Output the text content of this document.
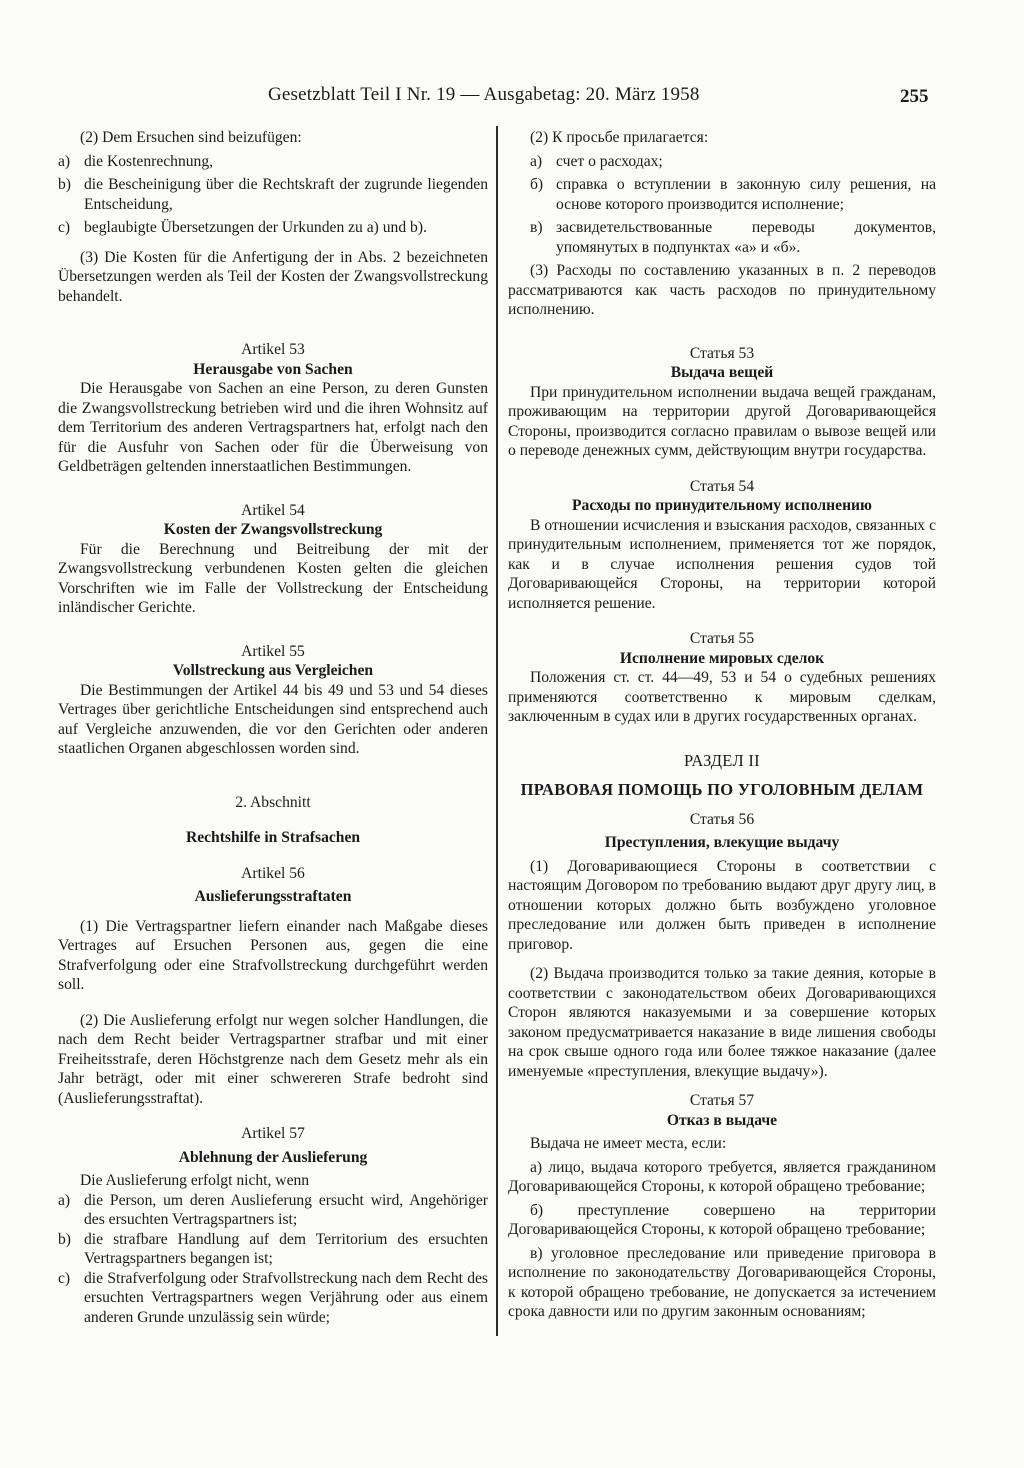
Gesetzblatt Teil I Nr. 19 — Ausgabetag: 20. März 1958	255

(2) Dem Ersuchen sind beizufügen:

a) die Kostenrechnung,
b) die Bescheinigung über die Rechtskraft der zugrunde liegenden Entscheidung,
c) beglaubigte Übersetzungen der Urkunden zu a) und b).

(3) Die Kosten für die Anfertigung der in Abs. 2 bezeichneten Übersetzungen werden als Teil der Kosten der Zwangsvollstreckung behandelt.

Artikel 53

Herausgabe von Sachen

Die Herausgabe von Sachen an eine Person, zu deren Gunsten die Zwangsvollstreckung betrieben wird und die ihren Wohnsitz auf dem Territorium des anderen Vertragspartners hat, erfolgt nach den für die Ausfuhr von Sachen oder für die Überweisung von Geldbeträgen geltenden innerstaatlichen Bestimmungen.

Artikel 54

Kosten der Zwangsvollstreckung

Für die Berechnung und Beitreibung der mit der Zwangsvollstreckung verbundenen Kosten gelten die gleichen Vorschriften wie im Falle der Vollstreckung der Entscheidung inländischer Gerichte.

Artikel 55

Vollstreckung aus Vergleichen

Die Bestimmungen der Artikel 44 bis 49 und 53 und 54 dieses Vertrages über gerichtliche Entscheidungen sind entsprechend auch auf Vergleiche anzuwenden, die vor den Gerichten oder anderen staatlichen Organen abgeschlossen worden sind.

2. Abschnitt

Rechtshilfe in Strafsachen

Artikel 56

Auslieferungsstraftaten

(1) Die Vertragspartner liefern einander nach Maßgabe dieses Vertrages auf Ersuchen Personen aus, gegen die eine Strafverfolgung oder eine Strafvollstreckung durchgeführt werden soll.

(2) Die Auslieferung erfolgt nur wegen solcher Handlungen, die nach dem Recht beider Vertragspartner strafbar und mit einer Freiheitsstrafe, deren Höchstgrenze nach dem Gesetz mehr als ein Jahr beträgt, oder mit einer schwereren Strafe bedroht sind (Auslieferungsstraftat).

Artikel 57

Ablehnung der Auslieferung

Die Auslieferung erfolgt nicht, wenn

a) die Person, um deren Auslieferung ersucht wird, Angehöriger des ersuchten Vertragspartners ist;
b) die strafbare Handlung auf dem Territorium des ersuchten Vertragspartners begangen ist;
c) die Strafverfolgung oder Strafvollstreckung nach dem Recht des ersuchten Vertragspartners wegen Verjährung oder aus einem anderen Grunde unzulässig sein würde;

(2) К просьбе прилагается:

а) счет о расходах;
б) справка о вступлении в законную силу решения, на основе которого производится исполнение;
в) засвидетельствованные переводы документов, упомянутых в подпунктах «а» и «б».

(3) Расходы по составлению указанных в п. 2 переводов рассматриваются как часть расходов по принудительному исполнению.

Статья 53

Выдача вещей

При принудительном исполнении выдача вещей гражданам, проживающим на территории другой Договаривающейся Стороны, производится согласно правилам о вывозе вещей или о переводе денежных сумм, действующим внутри государства.

Статья 54

Расходы по принудительному исполнению

В отношении исчисления и взыскания расходов, связанных с принудительным исполнением, применяется тот же порядок, как и в случае исполнения решения судов той Договаривающейся Стороны, на территории которой исполняется решение.

Статья 55

Исполнение мировых сделок

Положения ст. ст. 44—49, 53 и 54 о судебных решениях применяются соответственно к мировым сделкам, заключенным в судах или в других государственных органах.

РАЗДЕЛ II

ПРАВОВАЯ ПОМОЩЬ ПО УГОЛОВНЫМ ДЕЛАМ

Статья 56

Преступления, влекущие выдачу

(1) Договаривающиеся Стороны в соответствии с настоящим Договором по требованию выдают друг другу лиц, в отношении которых должно быть возбуждено уголовное преследование или должен быть приведен в исполнение приговор.

(2) Выдача производится только за такие деяния, которые в соответствии с законодательством обеих Договаривающихся Сторон являются наказуемыми и за совершение которых законом предусматривается наказание в виде лишения свободы на срок свыше одного года или более тяжкое наказание (далее именуемые «преступления, влекущие выдачу»).

Статья 57

Отказ в выдаче

Выдача не имеет места, если:

а) лицо, выдача которого требуется, является гражданином Договаривающейся Стороны, к которой обращено требование;

б) преступление совершено на территории Договаривающейся Стороны, к которой обращено требование;

в) уголовное преследование или приведение приговора в исполнение по законодательству Договаривающейся Стороны, к которой обращено требование, не допускается за истечением срока давности или по другим законным основаниям;
